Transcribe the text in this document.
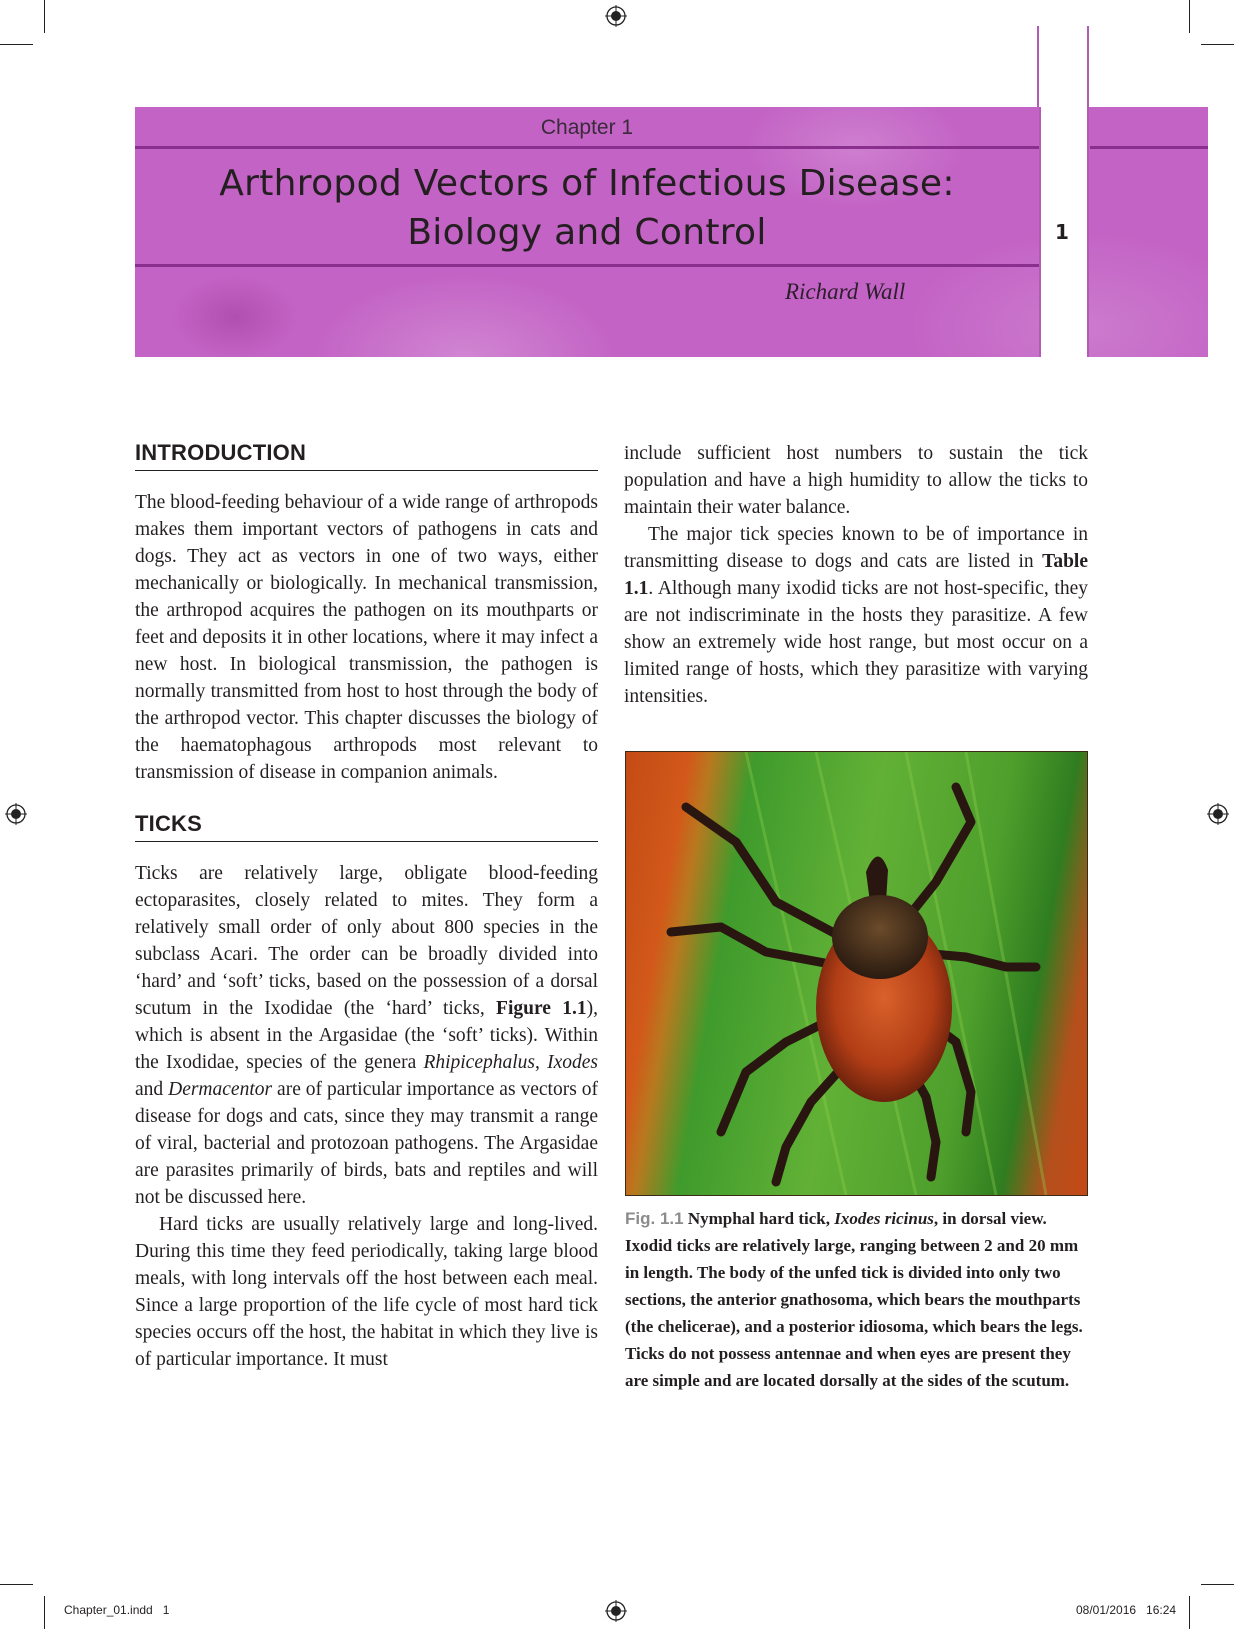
Chapter 1
Arthropod Vectors of Infectious Disease:
Biology and Control
Richard Wall
1
INTRODUCTION

The blood-feeding behaviour of a wide range of arthropods makes them important vectors of pathogens in cats and dogs. They act as vectors in one of two ways, either mechanically or biologically. In mechanical transmission, the arthropod acquires the pathogen on its mouthparts or feet and deposits it in other locations, where it may infect a new host. In biological transmission, the pathogen is normally transmitted from host to host through the body of the arthropod vector. This chapter discusses the biology of the haematophagous arthropods most relevant to transmission of disease in companion animals.

TICKS

Ticks are relatively large, obligate blood-feeding ectoparasites, closely related to mites. They form a relatively small order of only about 800 species in the subclass Acari. The order can be broadly divided into ‘hard’ and ‘soft’ ticks, based on the possession of a dorsal scutum in the Ixodidae (the ‘hard’ ticks, Figure 1.1), which is absent in the Argasidae (the ‘soft’ ticks). Within the Ixodidae, species of the genera Rhipicephalus, Ixodes and Dermacentor are of particular importance as vectors of disease for dogs and cats, since they may transmit a range of viral, bacterial and protozoan pathogens. The Argasidae are parasites primarily of birds, bats and reptiles and will not be discussed here.

Hard ticks are usually relatively large and long-lived. During this time they feed periodically, taking large blood meals, with long intervals off the host between each meal. Since a large proportion of the life cycle of most hard tick species occurs off the host, the habitat in which they live is of particular importance. It must

include sufficient host numbers to sustain the tick population and have a high humidity to allow the ticks to maintain their water balance.

The major tick species known to be of importance in transmitting disease to dogs and cats are listed in Table 1.1. Although many ixodid ticks are not host-specific, they are not indiscriminate in the hosts they parasitize. A few show an extremely wide host range, but most occur on a limited range of hosts, which they parasitize with varying intensities.

Fig. 1.1 Nymphal hard tick, Ixodes ricinus, in dorsal view. Ixodid ticks are relatively large, ranging between 2 and 20 mm in length. The body of the unfed tick is divided into only two sections, the anterior gnathosoma, which bears the mouthparts (the chelicerae), and a posterior idiosoma, which bears the legs. Ticks do not possess antennae and when eyes are present they are simple and are located dorsally at the sides of the scutum.
Chapter_01.indd   1	08/01/2016   16:24
